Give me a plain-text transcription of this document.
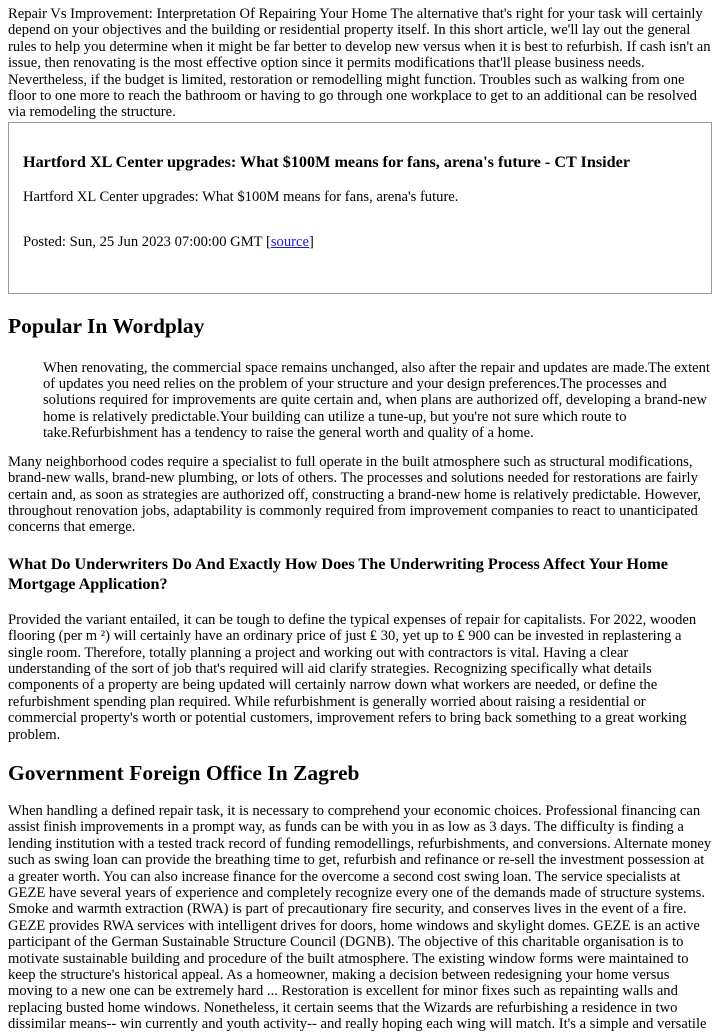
Repair Vs Improvement: Interpretation Of Repairing Your Home The alternative that's right for your task will certainly depend on your objectives and the building or residential property itself. In this short article, we'll lay out the general rules to help you determine when it might be far better to develop new versus when it is best to refurbish. If cash isn't an issue, then renovating is the most effective option since it permits modifications that'll please business needs. Nevertheless, if the budget is limited, restoration or remodelling might function. Troubles such as walking from one floor to one more to reach the bathroom or having to go through one workplace to get to an additional can be resolved via remodeling the structure.

Hartford XL Center upgrades: What $100M means for fans, arena's future - CT Insider

Hartford XL Center upgrades: What $100M means for fans, arena's future.

Posted: Sun, 25 Jun 2023 07:00:00 GMT [source]

Popular In Wordplay
When renovating, the commercial space remains unchanged, also after the repair and updates are made.The extent of updates you need relies on the problem of your structure and your design preferences.The processes and solutions required for improvements are quite certain and, when plans are authorized off, developing a brand-new home is relatively predictable.Your building can utilize a tune-up, but you're not sure which route to take.Refurbishment has a tendency to raise the general worth and quality of a home.

Many neighborhood codes require a specialist to full operate in the built atmosphere such as structural modifications, brand-new walls, brand-new plumbing, or lots of others. The processes and solutions needed for restorations are fairly certain and, as soon as strategies are authorized off, constructing a brand-new home is relatively predictable. However, throughout renovation jobs, adaptability is commonly required from improvement companies to react to unanticipated concerns that emerge.

What Do Underwriters Do And Exactly How Does The Underwriting Process Affect Your Home Mortgage Application?

Provided the variant entailed, it can be tough to define the typical expenses of repair for capitalists. For 2022, wooden flooring (per m ²) will certainly have an ordinary price of just ₤ 30, yet up to ₤ 900 can be invested in replastering a single room. Therefore, totally planning a project and working out with contractors is vital. Having a clear understanding of the sort of job that's required will aid clarify strategies. Recognizing specifically what details components of a property are being updated will certainly narrow down what workers are needed, or define the refurbishment spending plan required. While refurbishment is generally worried about raising a residential or commercial property's worth or potential customers, improvement refers to bring back something to a great working problem.

Government Foreign Office In Zagreb

When handling a defined repair task, it is necessary to comprehend your economic choices. Professional financing can assist finish improvements in a prompt way, as funds can be with you in as low as 3 days. The difficulty is finding a lending institution with a tested track record of funding remodellings, refurbishments, and conversions. Alternate money such as swing loan can provide the breathing time to get, refurbish and refinance or re-sell the investment possession at a greater worth. You can also increase finance for the overcome a second cost swing loan. The service specialists at GEZE have several years of experience and completely recognize every one of the demands made of structure systems. Smoke and warmth extraction (RWA) is part of precautionary fire security, and conserves lives in the event of a fire. GEZE provides RWA services with intelligent drives for doors, home windows and skylight domes. GEZE is an active participant of the German Sustainable Structure Council (DGNB). The objective of this charitable organisation is to motivate sustainable building and procedure of the built atmosphere. The existing window forms were maintained to keep the structure's historical appeal. As a homeowner, making a decision between redesigning your home versus moving to a new one can be extremely hard ... Restoration is excellent for minor fixes such as repainting walls and replacing busted home windows. Nonetheless, it certain seems that the Wizards are refurbishing a residence in two dissimilar means-- win currently and youth activity-- and really hoping each wing will match. It's a simple and versatile
